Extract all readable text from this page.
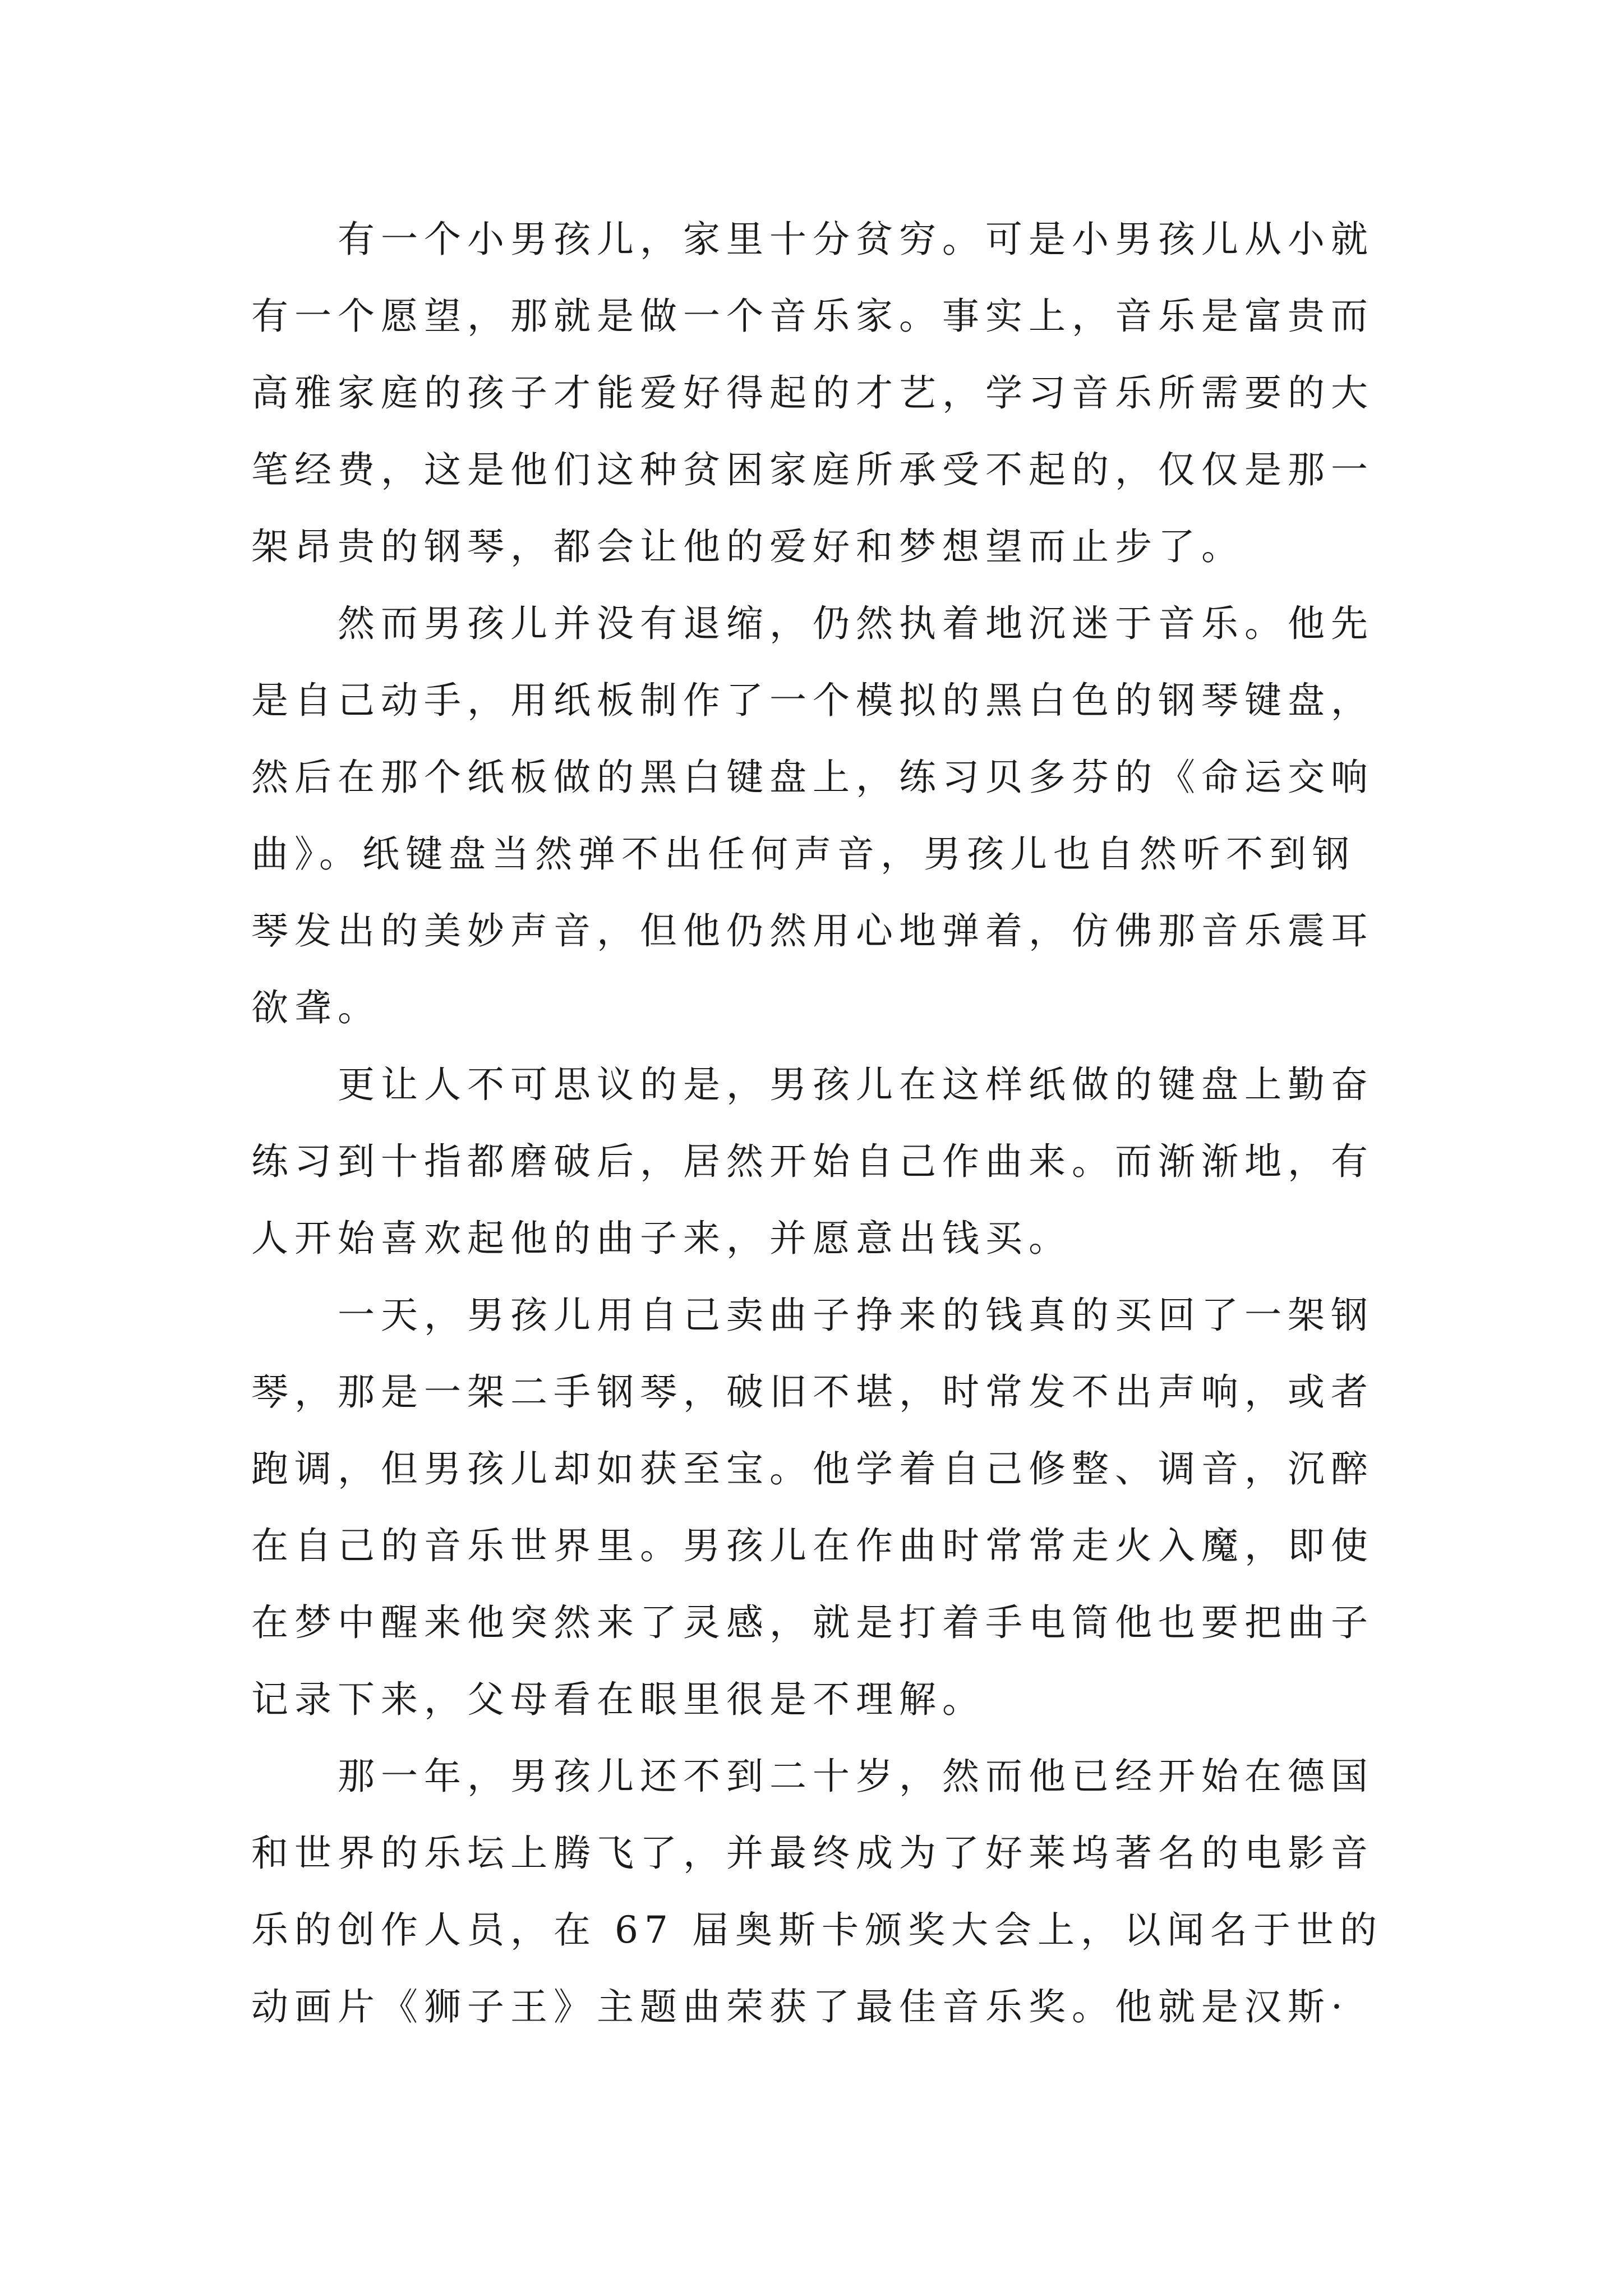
有一个小男孩儿，家里十分贫穷。可是小男孩儿从小就
有一个愿望，那就是做一个音乐家。事实上，音乐是富贵而
高雅家庭的孩子才能爱好得起的才艺，学习音乐所需要的大
笔经费，这是他们这种贫困家庭所承受不起的，仅仅是那一
架昂贵的钢琴，都会让他的爱好和梦想望而止步了。
然而男孩儿并没有退缩，仍然执着地沉迷于音乐。他先
是自己动手，用纸板制作了一个模拟的黑白色的钢琴键盘，
然后在那个纸板做的黑白键盘上，练习贝多芬的《命运交响
曲》。纸键盘当然弹不出任何声音，男孩儿也自然听不到钢
琴发出的美妙声音，但他仍然用心地弹着，仿佛那音乐震耳
欲聋。
更让人不可思议的是，男孩儿在这样纸做的键盘上勤奋
练习到十指都磨破后，居然开始自己作曲来。而渐渐地，有
人开始喜欢起他的曲子来，并愿意出钱买。
一天，男孩儿用自己卖曲子挣来的钱真的买回了一架钢
琴，那是一架二手钢琴，破旧不堪，时常发不出声响，或者
跑调，但男孩儿却如获至宝。他学着自己修整、调音，沉醉
在自己的音乐世界里。男孩儿在作曲时常常走火入魔，即使
在梦中醒来他突然来了灵感，就是打着手电筒他也要把曲子
记录下来，父母看在眼里很是不理解。
那一年，男孩儿还不到二十岁，然而他已经开始在德国
和世界的乐坛上腾飞了，并最终成为了好莱坞著名的电影音
乐的创作人员，在 67 届奥斯卡颁奖大会上，以闻名于世的
动画片《狮子王》主题曲荣获了最佳音乐奖。他就是汉斯·
